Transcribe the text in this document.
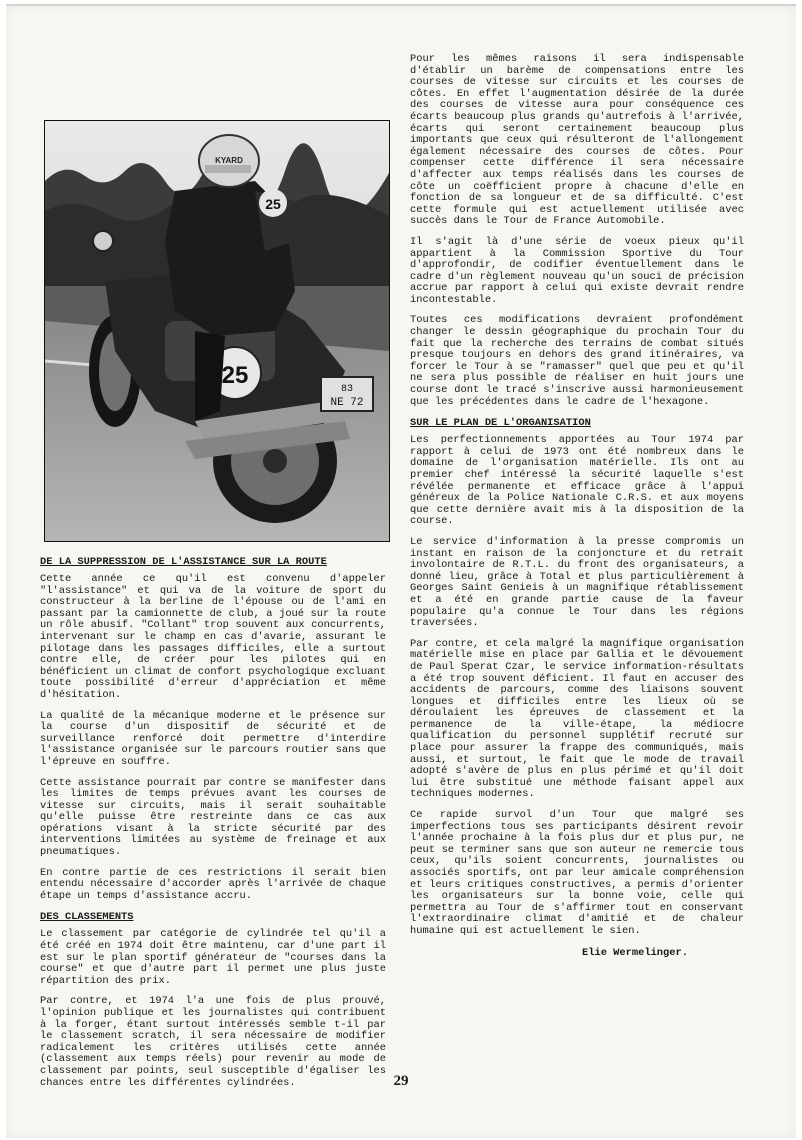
25
83
NE 72
25
KYARD
DE LA SUPPRESSION DE L'ASSISTANCE SUR LA ROUTE

Cette année ce qu'il est convenu d'appeler "l'assistance" et qui va de la voiture de sport du constructeur à la berline de l'épouse ou de l'ami en passant par la camionnette de club, a joué sur la route un rôle abusif. "Collant" trop souvent aux concurrents, intervenant sur le champ en cas d'avarie, assurant le pilotage dans les passages difficiles, elle a surtout contre elle, de créer pour les pilotes qui en bénéficient un climat de confort psychologique excluant toute possibilité d'erreur d'appréciation et même d'hésitation.

La qualité de la mécanique moderne et le présence sur la course d'un dispositif de sécurité et de surveillance renforcé doit permettre d'interdire l'assistance organisée sur le parcours routier sans que l'épreuve en souffre.

Cette assistance pourrait par contre se manifester dans les limites de temps prévues avant les courses de vitesse sur circuits, mais il serait souhaitable qu'elle puisse être restreinte dans ce cas aux opérations visant à la stricte sécurité par des interventions limitées au système de freinage et aux pneumatiques.

En contre partie de ces restrictions il serait bien entendu nécessaire d'accorder après l'arrivée de chaque étape un temps d'assistance accru.

DES CLASSEMENTS

Le classement par catégorie de cylindrée tel qu'il a été créé en 1974 doit être maintenu, car d'une part il est sur le plan sportif générateur de "courses dans la course" et que d'autre part il permet une plus juste répartition des prix.

Par contre, et 1974 l'a une fois de plus prouvé, l'opinion publique et les journalistes qui contribuent à la forger, étant surtout intéressés semble t-il par le classement scratch, il sera nécessaire de modifier radicalement les critères utilisés cette année (classement aux temps réels) pour revenir au mode de classement par points, seul susceptible d'égaliser les chances entre les différentes cylindrées.

Pour les mêmes raisons il sera indispensable d'établir un barème de compensations entre les courses de vitesse sur circuits et les courses de côtes. En effet l'augmentation désirée de la durée des courses de vitesse aura pour conséquence ces écarts beaucoup plus grands qu'autrefois à l'arrivée, écarts qui seront certainement beaucoup plus importants que ceux qui résulteront de l'allongement également nécessaire des courses de côtes. Pour compenser cette différence il sera nécessaire d'affecter aux temps réalisés dans les courses de côte un coëfficient propre à chacune d'elle en fonction de sa longueur et de sa difficulté. C'est cette formule qui est actuellement utilisée avec succès dans le Tour de France Automobile.

Il s'agit là d'une série de voeux pieux qu'il appartient à la Commission Sportive du Tour d'approfondir, de codifier éventuellement dans le cadre d'un règlement nouveau qu'un souci de précision accrue par rapport à celui qui existe devrait rendre incontestable.

Toutes ces modifications devraient profondément changer le dessin géographique du prochain Tour du fait que la recherche des terrains de combat situés presque toujours en dehors des grand itinéraires, va forcer le Tour à se "ramasser" quel que peu et qu'il ne sera plus possible de réaliser en huit jours une course dont le tracé s'inscrive aussi harmonieusement que les précédentes dans le cadre de l'hexagone.

SUR LE PLAN DE L'ORGANISATION

Les perfectionnements apportées au Tour 1974 par rapport à celui de 1973 ont été nombreux dans le domaine de l'organisation matérielle. Ils ont au premier chef intéressé la sécurité laquelle s'est révélée permanente et efficace grâce à l'appui généreux de la Police Nationale C.R.S. et aux moyens que cette dernière avait mis à la disposition de la course.

Le service d'information à la presse compromis un instant en raison de la conjoncture et du retrait involontaire de R.T.L. du front des organisateurs, a donné lieu, grâce à Total et plus particulièrement à Georges Saint Genieis à un magnifique rétablissement et a été en grande partie cause de la faveur populaire qu'a connue le Tour dans les régions traversées.

Par contre, et cela malgré la magnifique organisation matérielle mise en place par Gallia et le dévouement de Paul Sperat Czar, le service information-résultats a été trop souvent déficient. Il faut en accuser des accidents de parcours, comme des liaisons souvent longues et difficiles entre les lieux où se déroulaient les épreuves de classement et la permanence de la ville-étape, la médiocre qualification du personnel supplétif recruté sur place pour assurer la frappe des communiqués, mais aussi, et surtout, le fait que le mode de travail adopté s'avère de plus en plus périmé et qu'il doit lui être substitué une méthode faisant appel aux techniques modernes.

Ce rapide survol d'un Tour que malgré ses imperfections tous ses participants désirent revoir l'année prochaine à la fois plus dur et plus pur, ne peut se terminer sans que son auteur ne remercie tous ceux, qu'ils soient concurrents, journalistes ou associés sportifs, ont par leur amicale compréhension et leurs critiques constructives, a permis d'orienter les organisateurs sur la bonne voie, celle qui permettra au Tour de s'affirmer tout en conservant l'extraordinaire climat d'amitié et de chaleur humaine qui est actuellement le sien.

Elie Wermelinger.
29
